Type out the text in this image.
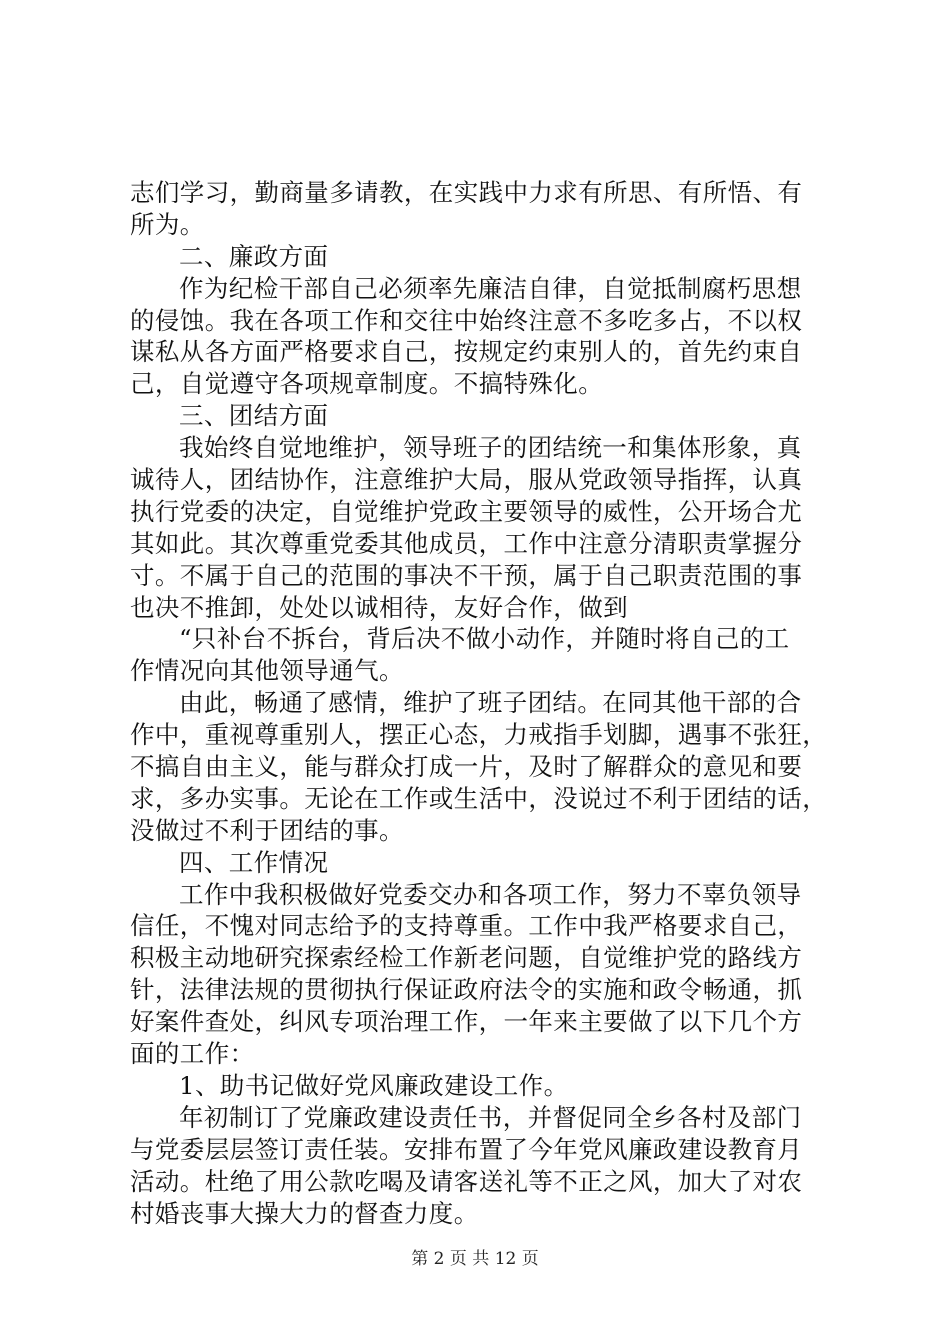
志们学习，勤商量多请教，在实践中力求有所思、有所悟、有
所为。
二、廉政方面
作为纪检干部自己必须率先廉洁自律，自觉抵制腐朽思想
的侵蚀。我在各项工作和交往中始终注意不多吃多占，不以权
谋私从各方面严格要求自己，按规定约束别人的，首先约束自
己，自觉遵守各项规章制度。不搞特殊化。
三、团结方面
我始终自觉地维护，领导班子的团结统一和集体形象，真
诚待人，团结协作，注意维护大局，服从党政领导指挥，认真
执行党委的决定，自觉维护党政主要领导的威性，公开场合尤
其如此。其次尊重党委其他成员，工作中注意分清职责掌握分
寸。不属于自己的范围的事决不干预，属于自己职责范围的事
也决不推卸，处处以诚相待，友好合作，做到
“只补台不拆台，背后决不做小动作，并随时将自己的工
作情况向其他领导通气。
由此，畅通了感情，维护了班子团结。在同其他干部的合
作中，重视尊重别人，摆正心态，力戒指手划脚，遇事不张狂，
不搞自由主义，能与群众打成一片，及时了解群众的意见和要
求，多办实事。无论在工作或生活中，没说过不利于团结的话，
没做过不利于团结的事。
四、工作情况
工作中我积极做好党委交办和各项工作，努力不辜负领导
信任，不愧对同志给予的支持尊重。工作中我严格要求自己，
积极主动地研究探索经检工作新老问题，自觉维护党的路线方
针，法律法规的贯彻执行保证政府法令的实施和政令畅通，抓
好案件查处，纠风专项治理工作，一年来主要做了以下几个方
面的工作：
1、助书记做好党风廉政建设工作。
年初制订了党廉政建设责任书，并督促同全乡各村及部门
与党委层层签订责任装。安排布置了今年党风廉政建设教育月
活动。杜绝了用公款吃喝及请客送礼等不正之风，加大了对农
村婚丧事大操大力的督查力度。
第 2 页 共 12 页
